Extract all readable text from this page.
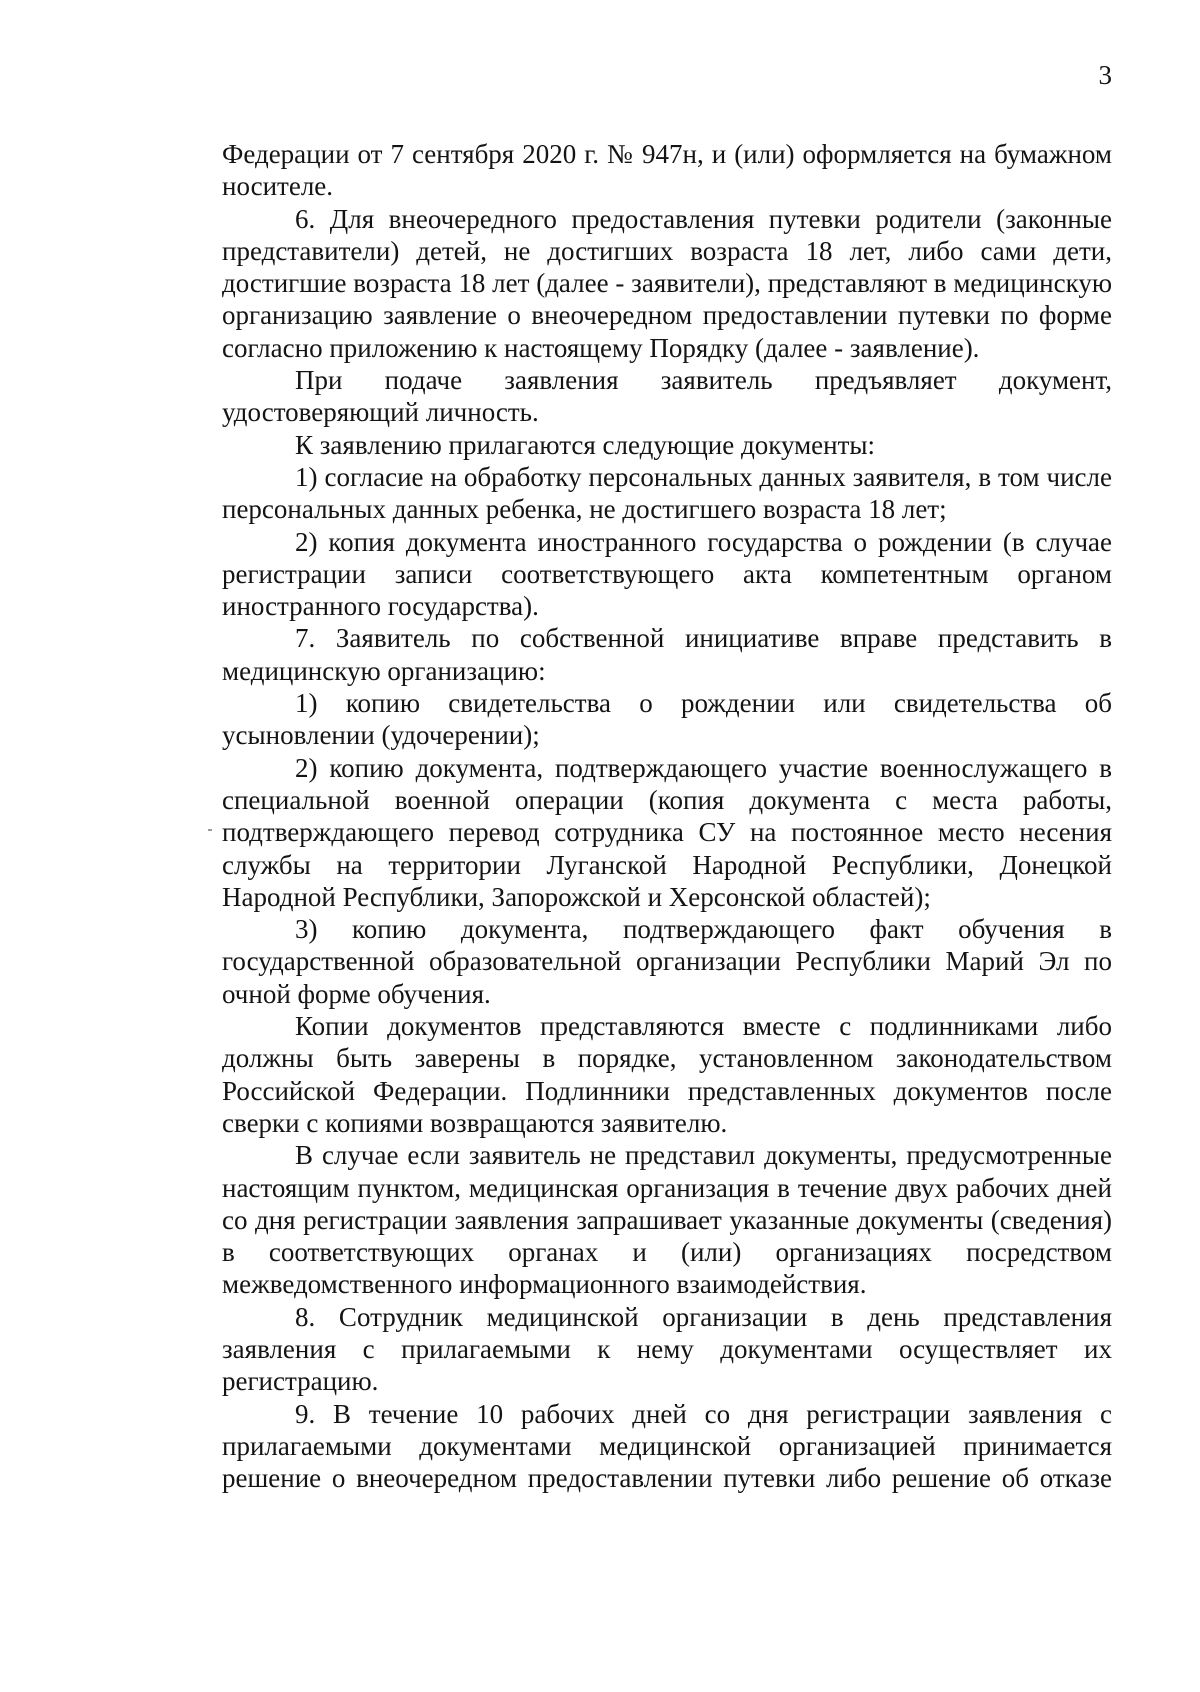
3

Федерации от 7 сентября 2020 г. № 947н, и (или) оформляется на бумажном носителе.

6. Для внеочередного предоставления путевки родители (законные представители) детей, не достигших возраста 18 лет, либо сами дети, достигшие возраста 18 лет (далее - заявители), представляют в медицинскую организацию заявление о внеочередном предоставлении путевки по форме согласно приложению к настоящему Порядку (далее - заявление).

При подаче заявления заявитель предъявляет документ, удостоверяющий личность.

К заявлению прилагаются следующие документы:

1) согласие на обработку персональных данных заявителя, в том числе персональных данных ребенка, не достигшего возраста 18 лет;

2) копия документа иностранного государства о рождении (в случае регистрации записи соответствующего акта компетентным органом иностранного государства).

7. Заявитель по собственной инициативе вправе представить в медицинскую организацию:

1) копию свидетельства о рождении или свидетельства об усыновлении (удочерении);

2) копию документа, подтверждающего участие военнослужащего в специальной военной операции (копия документа с места работы, подтверждающего перевод сотрудника СУ на постоянное место несения службы на территории Луганской Народной Республики, Донецкой Народной Республики, Запорожской и Херсонской областей);

3) копию документа, подтверждающего факт обучения в государственной образовательной организации Республики Марий Эл по очной форме обучения.

Копии документов представляются вместе с подлинниками либо должны быть заверены в порядке, установленном законодательством Российской Федерации. Подлинники представленных документов после сверки с копиями возвращаются заявителю.

В случае если заявитель не представил документы, предусмотренные настоящим пунктом, медицинская организация в течение двух рабочих дней со дня регистрации заявления запрашивает указанные документы (сведения) в соответствующих органах и (или) организациях посредством межведомственного информационного взаимодействия.

8. Сотрудник медицинской организации в день представления заявления с прилагаемыми к нему документами осуществляет их регистрацию.

9. В течение 10 рабочих дней со дня регистрации заявления с прилагаемыми документами медицинской организацией принимается решение о внеочередном предоставлении путевки либо решение об отказе
